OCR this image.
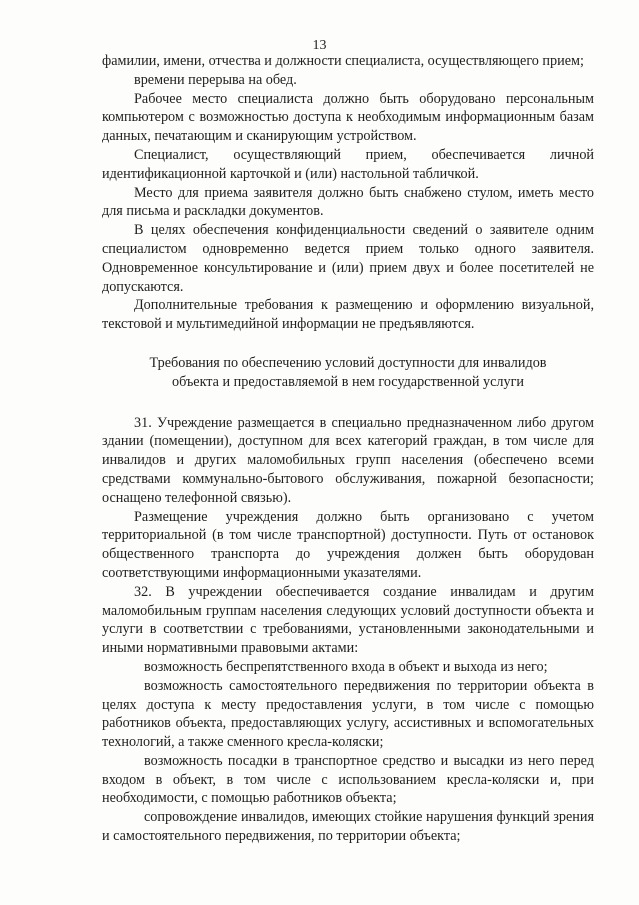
13

фамилии, имени, отчества и должности специалиста, осуществляющего прием;

времени перерыва на обед.

Рабочее место специалиста должно быть оборудовано персональным компьютером с возможностью доступа к необходимым информационным базам данных, печатающим и сканирующим устройством.

Специалист, осуществляющий прием, обеспечивается личной идентификационной карточкой и (или) настольной табличкой.

Место для приема заявителя должно быть снабжено стулом, иметь место для письма и раскладки документов.

В целях обеспечения конфиденциальности сведений о заявителе одним специалистом одновременно ведется прием только одного заявителя. Одновременное консультирование и (или) прием двух и более посетителей не допускаются.

Дополнительные требования к размещению и оформлению визуальной, текстовой и мультимедийной информации не предъявляются.

Требования по обеспечению условий доступности для инвалидов
объекта и предоставляемой в нем государственной услуги

31. Учреждение размещается в специально предназначенном либо другом здании (помещении), доступном для всех категорий граждан, в том числе для инвалидов и других маломобильных групп населения (обеспечено всеми средствами коммунально-бытового обслуживания, пожарной безопасности; оснащено телефонной связью).

Размещение учреждения должно быть организовано с учетом территориальной (в том числе транспортной) доступности. Путь от остановок общественного транспорта до учреждения должен быть оборудован соответствующими информационными указателями.

32. В учреждении обеспечивается создание инвалидам и другим маломобильным группам населения следующих условий доступности объекта и услуги в соответствии с требованиями, установленными законодательными и иными нормативными правовыми актами:

возможность беспрепятственного входа в объект и выхода из него;

возможность самостоятельного передвижения по территории объекта в целях доступа к месту предоставления услуги, в том числе с помощью работников объекта, предоставляющих услугу, ассистивных и вспомогательных технологий, а также сменного кресла-коляски;

возможность посадки в транспортное средство и высадки из него перед входом в объект, в том числе с использованием кресла-коляски и, при необходимости, с помощью работников объекта;

сопровождение инвалидов, имеющих стойкие нарушения функций зрения и самостоятельного передвижения, по территории объекта;
